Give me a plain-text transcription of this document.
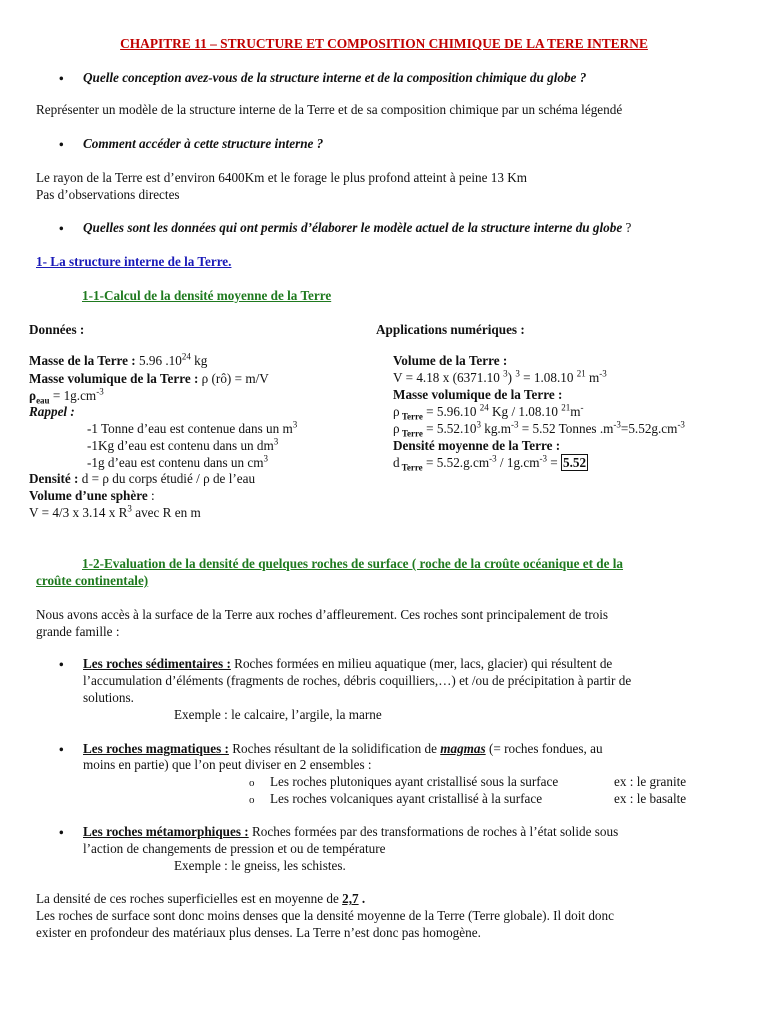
CHAPITRE 11 – STRUCTURE ET COMPOSITION CHIMIQUE DE LA TERE INTERNE
• Quelle conception avez-vous de la structure interne et de la composition chimique du globe ?
Représenter un modèle de la structure interne de la Terre et de sa composition chimique par un schéma légendé
• Comment accéder à cette structure interne ?
Le rayon de la Terre est d’environ 6400Km et le forage le plus profond atteint à peine 13 Km
Pas d’observations directes
• Quelles sont les données qui ont permis d’élaborer le modèle actuel de la structure interne du globe ?
1- La structure interne de la Terre.
1-1-Calcul de la densité moyenne de la Terre
Données :
Masse de la Terre : 5.96 $.10^{24}$ kg
Masse volumique de la Terre : ρ (rô) = m/V
$\rho_{eau} = 1g.cm^{-3}$
Rappel :
-1 Tonne d’eau est contenue dans un $m^3$
-1Kg d’eau est contenu dans un $dm^3$
-1g d’eau est contenu dans un $cm^3$
Densité : d = ρ du corps étudié / ρ de l’eau
Volume d’une sphère :
V = 4/3 x 3.14 x $R^3$ avec R en m
Applications numériques :
Volume de la Terre :
V = 4.18 x (6371.10 $^3$) $^3$ = 1.08.10 $^{21}$ $m^{-3}$
Masse volumique de la Terre :
ρ $_{Terre}$ = 5.96.10 $^{24}$ Kg / 1.08.10 $^{21}$m-
ρ $_{Terre} = 5.52.10^3$ $kg.m^{-3} = 5.52$ Tonnes $.m^{-3}=5.52g.cm^{-3}$
Densité moyenne de la Terre :
d $_{Terre} = 5.52.g.cm^{-3} / 1g.cm^{-3} = 5.52$
1-2-Evaluation de la densité de quelques roches de surface ( roche de la croûte océanique et de la
croûte continentale)
Nous avons accès à la surface de la Terre aux roches d’affleurement. Ces roches sont principalement de trois
grande famille :
• Les roches sédimentaires : Roches formées en milieu aquatique (mer, lacs, glacier) qui résultent de
l’accumulation d’éléments (fragments de roches, débris coquilliers,…) et /ou de précipitation à partir de
solutions.
Exemple : le calcaire, l’argile, la marne
• Les roches magmatiques : Roches résultant de la solidification de magmas (= roches fondues, au
moins en partie) que l’on peut diviser en 2 ensembles :
o Les roches plutoniques ayant cristallisé sous la surface	ex : le granite
o Les roches volcaniques ayant cristallisé à la surface	ex : le basalte
• Les roches métamorphiques : Roches formées par des transformations de roches à l’état solide sous
l’action de changements de pression et ou de température
Exemple : le gneiss, les schistes.
La densité de ces roches superficielles est en moyenne de 2,7 .
Les roches de surface sont donc moins denses que la densité moyenne de la Terre (Terre globale). Il doit donc
exister en profondeur des matériaux plus denses. La Terre n’est donc pas homogène.
